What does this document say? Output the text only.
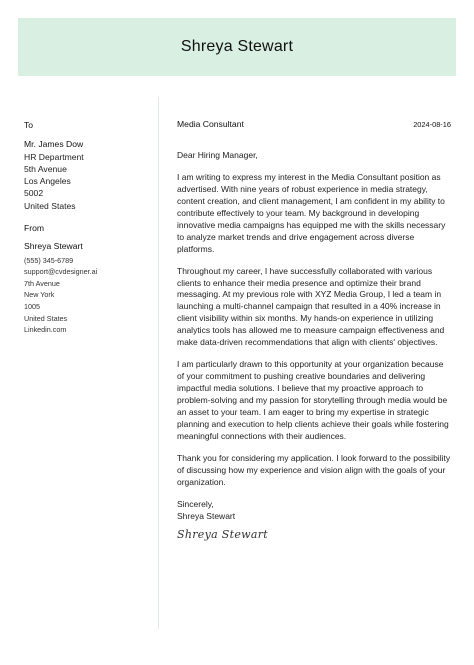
Shreya Stewart
To
Mr. James Dow
HR Department
5th Avenue
Los Angeles
5002
United States
From
Shreya Stewart
(555) 345-6789
support@cvdesigner.ai
7th Avenue
New York
1005
United States
Linkedin.com
Media Consultant	2024-08-16

Dear Hiring Manager,

I am writing to express my interest in the Media Consultant position as advertised. With nine years of robust experience in media strategy, content creation, and client management, I am confident in my ability to contribute effectively to your team. My background in developing innovative media campaigns has equipped me with the skills necessary to analyze market trends and drive engagement across diverse platforms.

Throughout my career, I have successfully collaborated with various clients to enhance their media presence and optimize their brand messaging. At my previous role with XYZ Media Group, I led a team in launching a multi-channel campaign that resulted in a 40% increase in client visibility within six months. My hands-on experience in utilizing analytics tools has allowed me to measure campaign effectiveness and make data-driven recommendations that align with clients' objectives.

I am particularly drawn to this opportunity at your organization because of your commitment to pushing creative boundaries and delivering impactful media solutions. I believe that my proactive approach to problem-solving and my passion for storytelling through media would be an asset to your team. I am eager to bring my expertise in strategic planning and execution to help clients achieve their goals while fostering meaningful connections with their audiences.

Thank you for considering my application. I look forward to the possibility of discussing how my experience and vision align with the goals of your organization.

Sincerely,
Shreya Stewart
Shreya Stewart
